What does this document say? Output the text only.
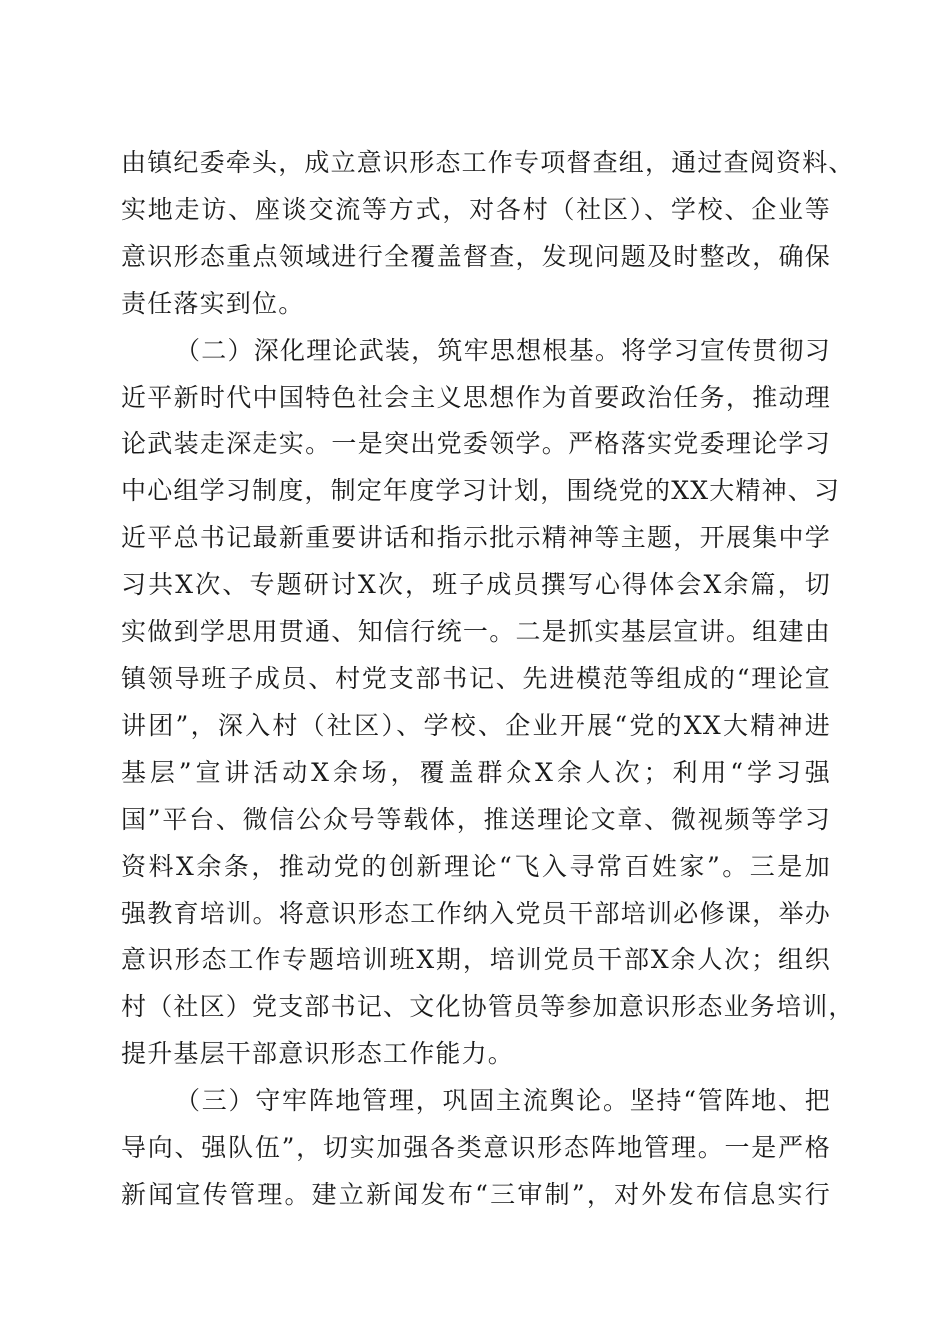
由镇纪委牵头，成立意识形态工作专项督查组，通过查阅资料、
实地走访、座谈交流等方式，对各村（社区）、学校、企业等
意识形态重点领域进行全覆盖督查，发现问题及时整改，确保
责任落实到位。

（二）深化理论武装，筑牢思想根基。将学习宣传贯彻习
近平新时代中国特色社会主义思想作为首要政治任务，推动理
论武装走深走实。一是突出党委领学。严格落实党委理论学习
中心组学习制度，制定年度学习计划，围绕党的XX大精神、习
近平总书记最新重要讲话和指示批示精神等主题，开展集中学
习共X次、专题研讨X次，班子成员撰写心得体会X余篇，切
实做到学思用贯通、知信行统一。二是抓实基层宣讲。组建由
镇领导班子成员、村党支部书记、先进模范等组成的“理论宣
讲团”，深入村（社区）、学校、企业开展“党的XX大精神进
基层”宣讲活动X余场，覆盖群众X余人次；利用“学习强
国”平台、微信公众号等载体，推送理论文章、微视频等学习
资料X余条，推动党的创新理论“飞入寻常百姓家”。三是加
强教育培训。将意识形态工作纳入党员干部培训必修课，举办
意识形态工作专题培训班X期，培训党员干部X余人次；组织
村（社区）党支部书记、文化协管员等参加意识形态业务培训，
提升基层干部意识形态工作能力。

（三）守牢阵地管理，巩固主流舆论。坚持“管阵地、把
导向、强队伍”，切实加强各类意识形态阵地管理。一是严格
新闻宣传管理。建立新闻发布“三审制”，对外发布信息实行
